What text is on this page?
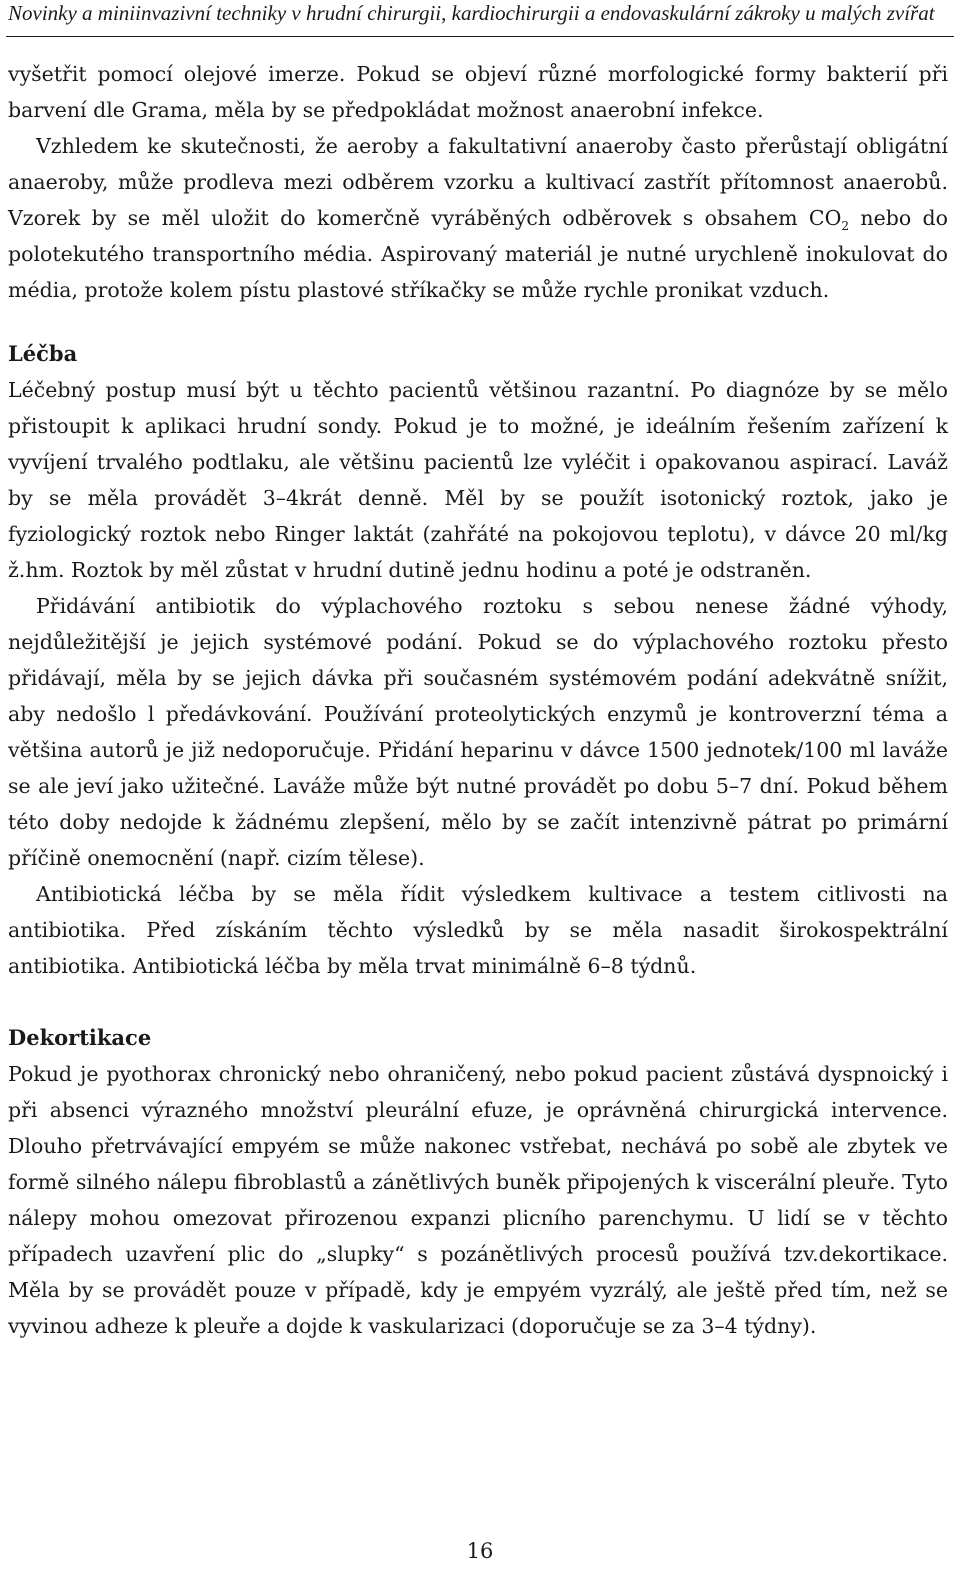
Novinky a miniinvazivní techniky v hrudní chirurgii, kardiochirurgii a endovaskulární zákroky u malých zvířat

vyšetřit pomocí olejové imerze. Pokud se objeví různé morfologické formy bakterií při barvení dle Grama, měla by se předpokládat možnost anaerobní infekce.

Vzhledem ke skutečnosti, že aeroby a fakultativní anaeroby často přerůstají obligátní anaeroby, může prodleva mezi odběrem vzorku a kultivací zastřít přítomnost anaerobů. Vzorek by se měl uložit do komerčně vyráběných odběrovek s obsahem $CO_2$ nebo do polotekutého transportního média. Aspirovaný materiál je nutné urychleně inokulovat do média, protože kolem pístu plastové stříkačky se může rychle pronikat vzduch.

Léčba

Léčebný postup musí být u těchto pacientů většinou razantní. Po diagnóze by se mělo přistoupit k aplikaci hrudní sondy. Pokud je to možné, je ideálním řešením zařízení k vyvíjení trvalého podtlaku, ale většinu pacientů lze vyléčit i opakovanou aspirací. Laváž by se měla provádět 3–4krát denně. Měl by se použít isotonický roztok, jako je fyziologický roztok nebo Ringer laktát (zahřáté na pokojovou teplotu), v dávce 20 ml/kg ž.hm. Roztok by měl zůstat v hrudní dutině jednu hodinu a poté je odstraněn.

Přidávání antibiotik do výplachového roztoku s sebou nenese žádné výhody, nejdůležitější je jejich systémové podání. Pokud se do výplachového roztoku přesto přidávají, měla by se jejich dávka při současném systémovém podání adekvátně snížit, aby nedošlo l předávkování. Používání proteolytických enzymů je kontroverzní téma a většina autorů je již nedoporučuje. Přidání heparinu v dávce 1500 jednotek/100 ml laváže se ale jeví jako užitečné. Laváže může být nutné provádět po dobu 5–7 dní. Pokud během této doby nedojde k žádnému zlepšení, mělo by se začít intenzivně pátrat po primární příčině onemocnění (např. cizím tělese).

Antibiotická léčba by se měla řídit výsledkem kultivace a testem citlivosti na antibiotika. Před získáním těchto výsledků by se měla nasadit širokospektrální antibiotika. Antibiotická léčba by měla trvat minimálně 6–8 týdnů.

Dekortikace

Pokud je pyothorax chronický nebo ohraničený, nebo pokud pacient zůstává dyspnoický i při absenci výrazného množství pleurální efuze, je oprávněná chirurgická intervence. Dlouho přetrvávající empyém se může nakonec vstřebat, nechává po sobě ale zbytek ve formě silného nálepu fibroblastů a zánětlivých buněk připojených k viscerální pleuře. Tyto nálepy mohou omezovat přirozenou expanzi plicního parenchymu. U lidí se v těchto případech uzavření plic do „slupky“ s pozánětlivých procesů používá tzv.dekortikace. Měla by se provádět pouze v případě, kdy je empyém vyzrálý, ale ještě před tím, než se vyvinou adheze k pleuře a dojde k vaskularizaci (doporučuje se za 3–4 týdny).

16
